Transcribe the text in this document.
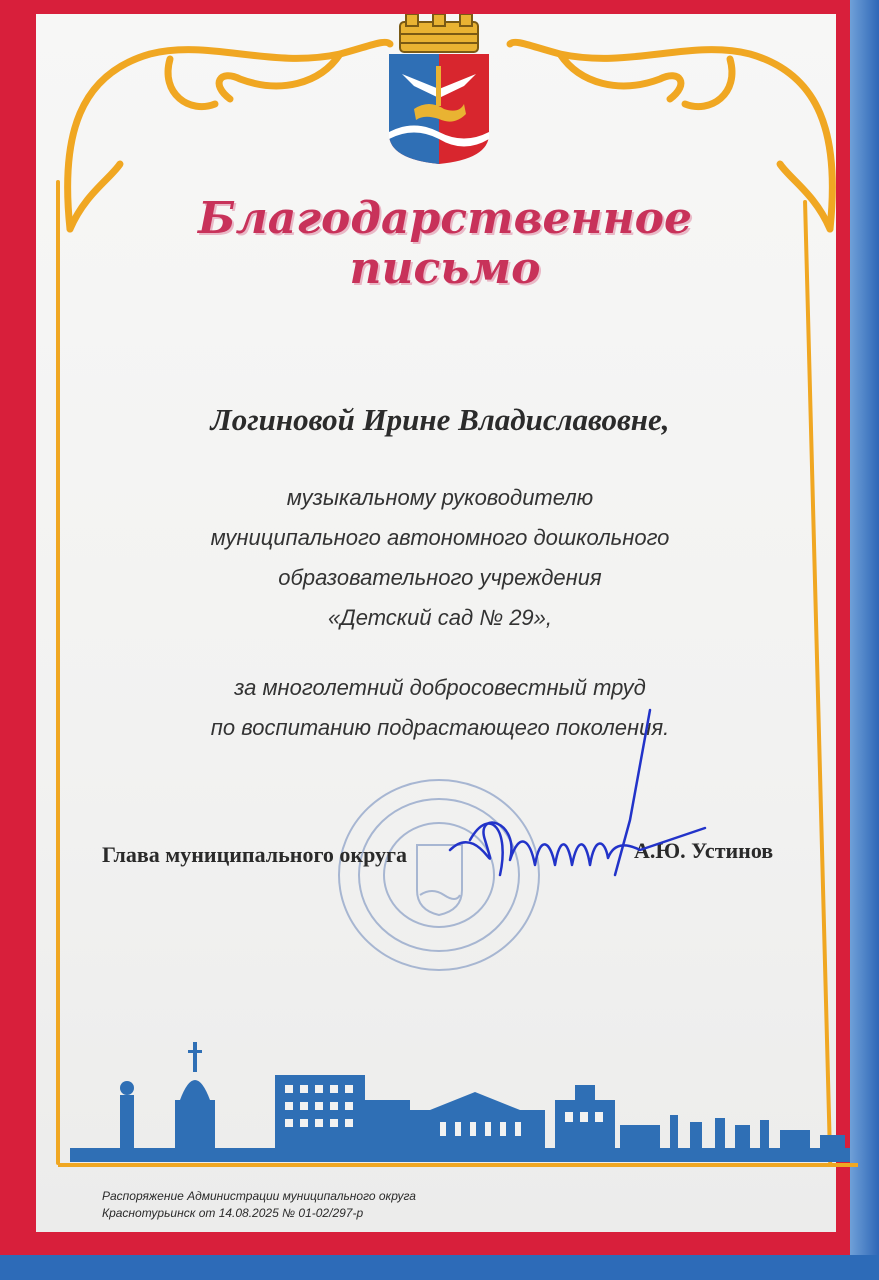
Благодарственное
письмо
Логиновой Ирине Владиславовне,
музыкальному руководителю
муниципального автономного дошкольного
образовательного учреждения
«Детский сад № 29»,
за многолетний добросовестный труд
по воспитанию подрастающего поколения.
Глава муниципального округа	А.Ю. Устинов
Распоряжение Администрации муниципального округа
Краснотурьинск от 14.08.2025 № 01-02/297-р
